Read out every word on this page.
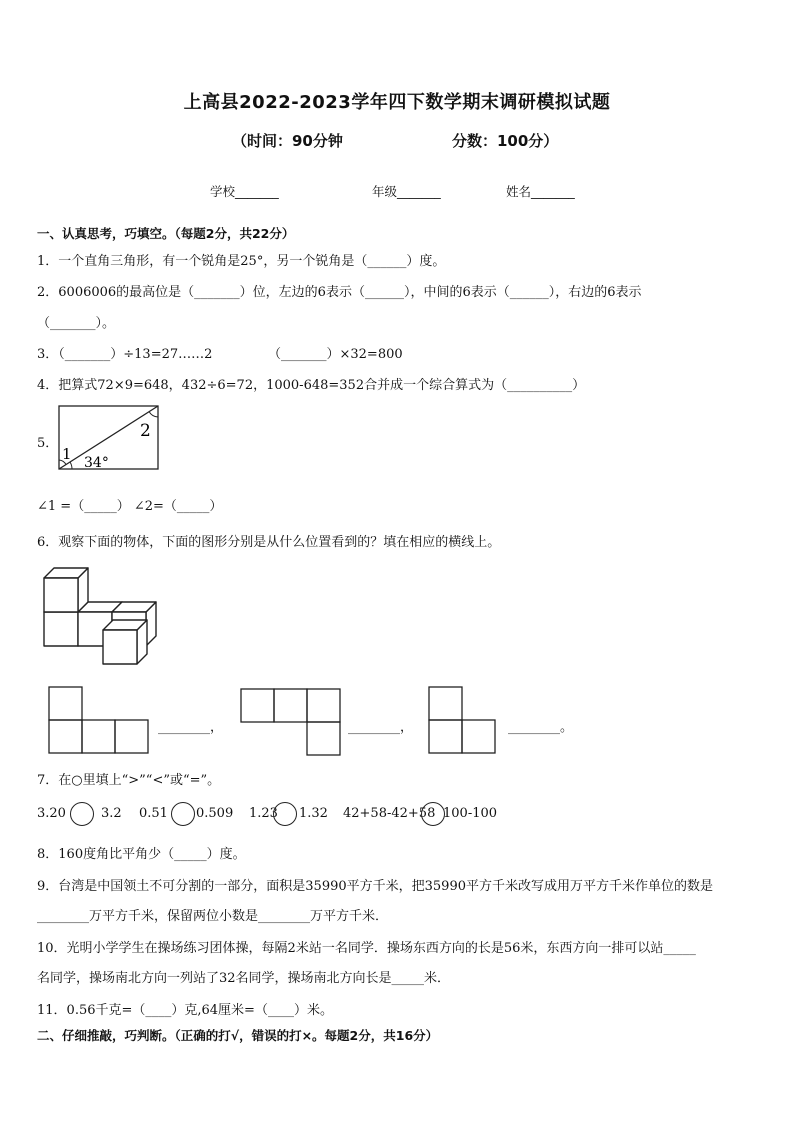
上高县2022-2023学年四下数学期末调研模拟试题
（时间：90分钟	分数：100分）
学校_______	年级_______	姓名_______
一、认真思考，巧填空。（每题2分，共22分）
1．一个直角三角形，有一个锐角是25°，另一个锐角是（______）度。
2．6006006的最高位是（_______）位，左边的6表示（______），中间的6表示（______），右边的6表示
（_______）。
3．（_______）÷13=27……2	（_______）×32=800
4．把算式72×9=648，432÷6=72，1000-648=352合并成一个综合算式为（__________）
5．
1
2
34°
∠1 =（_____） ∠2=（_____）
6．观察下面的物体，下面的图形分别是从什么位置看到的？填在相应的横线上。
________，	________，	________。
7．在○里填上“>”“<”或“=”。
3.20	3.2 0.51 0.509 1.23 1.32 42+58-42+58 100-100
8．160度角比平角少（_____）度。
9．台湾是中国领土不可分割的一部分，面积是35990平方千米，把35990平方千米改写成用万平方千米作单位的数是
________万平方千米，保留两位小数是________万平方千米．
10．光明小学学生在操场练习团体操，每隔2米站一名同学．操场东西方向的长是56米，东西方向一排可以站_____
名同学，操场南北方向一列站了32名同学，操场南北方向长是_____米．
11．0.56千克=（____）克,64厘米=（____）米。
二、仔细推敲，巧判断。（正确的打√，错误的打×。每题2分，共16分）
